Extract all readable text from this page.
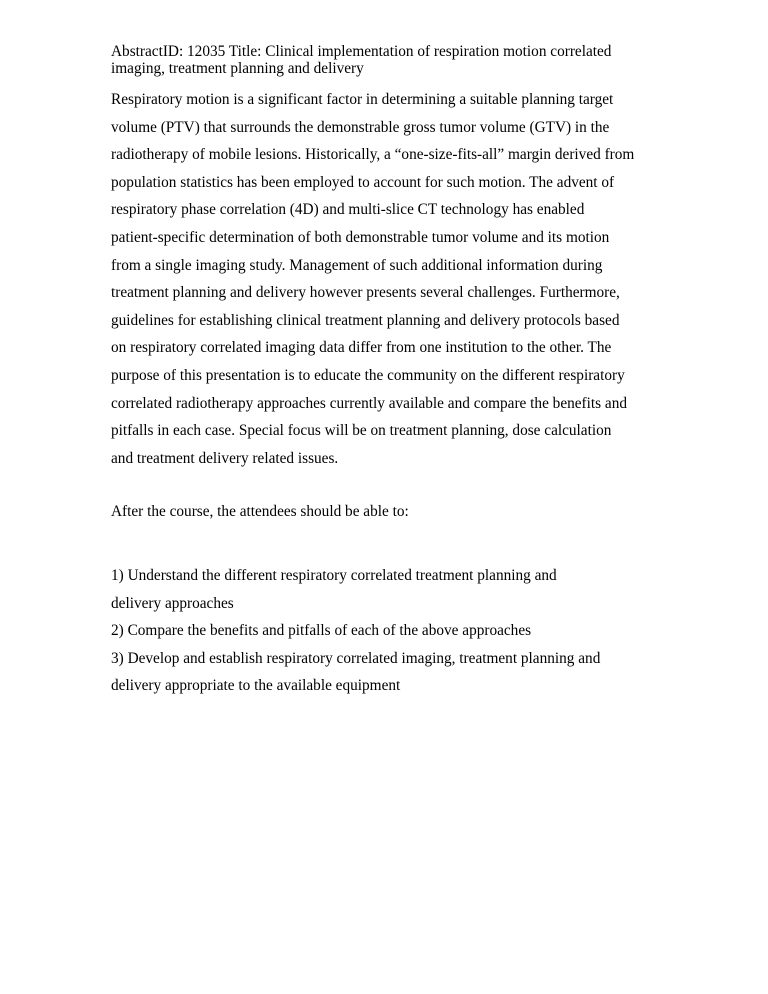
AbstractID: 12035 Title: Clinical implementation of respiration motion correlated
imaging, treatment planning and delivery
Respiratory motion is a significant factor in determining a suitable planning target
volume (PTV) that surrounds the demonstrable gross tumor volume (GTV) in the
radiotherapy of mobile lesions. Historically, a “one-size-fits-all” margin derived from
population statistics has been employed to account for such motion. The advent of
respiratory phase correlation (4D) and multi-slice CT technology has enabled
patient-specific determination of both demonstrable tumor volume and its motion
from a single imaging study. Management of such additional information during
treatment planning and delivery however presents several challenges. Furthermore,
guidelines for establishing clinical treatment planning and delivery protocols based
on respiratory correlated imaging data differ from one institution to the other. The
purpose of this presentation is to educate the community on the different respiratory
correlated radiotherapy approaches currently available and compare the benefits and
pitfalls in each case. Special focus will be on treatment planning, dose calculation
and treatment delivery related issues.
After the course, the attendees should be able to:
1) Understand the different respiratory correlated treatment planning and
delivery approaches
2) Compare the benefits and pitfalls of each of the above approaches
3) Develop and establish respiratory correlated imaging, treatment planning and
delivery appropriate to the available equipment
